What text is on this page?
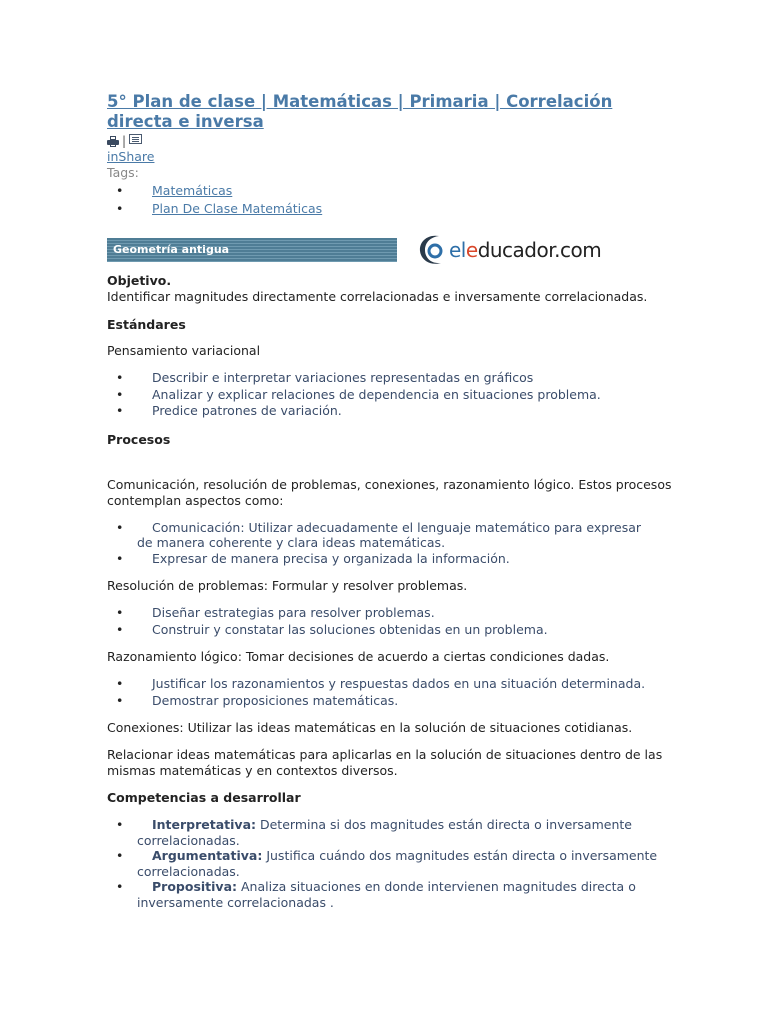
5° Plan de clase | Matemáticas | Primaria | Correlación directa e inversa
|
inShare
Tags:
• Matemáticas
• Plan De Clase Matemáticas
Geometría antigua	eleducador.com

Objetivo.

Identificar magnitudes directamente correlacionadas e inversamente correlacionadas.

Estándares

Pensamiento variacional

• Describir e interpretar variaciones representadas en gráficos
• Analizar y explicar relaciones de dependencia en situaciones problema.
• Predice patrones de variación.

Procesos

Comunicación, resolución de problemas, conexiones, razonamiento lógico. Estos procesos contemplan aspectos como:

• Comunicación: Utilizar adecuadamente el lenguaje matemático para expresar
de manera coherente y clara ideas matemáticas.
• Expresar de manera precisa y organizada la información.

Resolución de problemas: Formular y resolver problemas.

• Diseñar estrategias para resolver problemas.
• Construir y constatar las soluciones obtenidas en un problema.

Razonamiento lógico: Tomar decisiones de acuerdo a ciertas condiciones dadas.

• Justificar los razonamientos y respuestas dados en una situación determinada.
• Demostrar proposiciones matemáticas.

Conexiones: Utilizar las ideas matemáticas en la solución de situaciones cotidianas.

Relacionar ideas matemáticas para aplicarlas en la solución de situaciones dentro de las mismas matemáticas y en contextos diversos.

Competencias a desarrollar

• Interpretativa: Determina si dos magnitudes están directa o inversamente
correlacionadas.
• Argumentativa: Justifica cuándo dos magnitudes están directa o inversamente
correlacionadas.
• Propositiva: Analiza situaciones en donde intervienen magnitudes directa o
inversamente correlacionadas .
